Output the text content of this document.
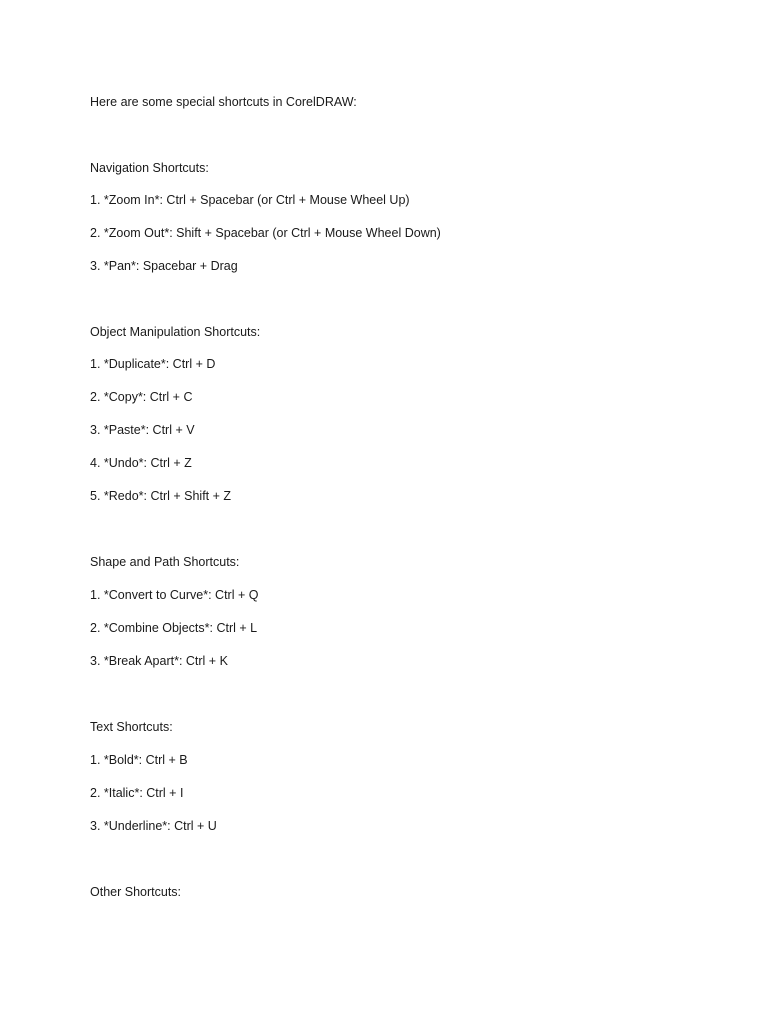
Here are some special shortcuts in CorelDRAW:
Navigation Shortcuts:
1. *Zoom In*: Ctrl + Spacebar (or Ctrl + Mouse Wheel Up)
2. *Zoom Out*: Shift + Spacebar (or Ctrl + Mouse Wheel Down)
3. *Pan*: Spacebar + Drag
Object Manipulation Shortcuts:
1. *Duplicate*: Ctrl + D
2. *Copy*: Ctrl + C
3. *Paste*: Ctrl + V
4. *Undo*: Ctrl + Z
5. *Redo*: Ctrl + Shift + Z
Shape and Path Shortcuts:
1. *Convert to Curve*: Ctrl + Q
2. *Combine Objects*: Ctrl + L
3. *Break Apart*: Ctrl + K
Text Shortcuts:
1. *Bold*: Ctrl + B
2. *Italic*: Ctrl + I
3. *Underline*: Ctrl + U
Other Shortcuts:
